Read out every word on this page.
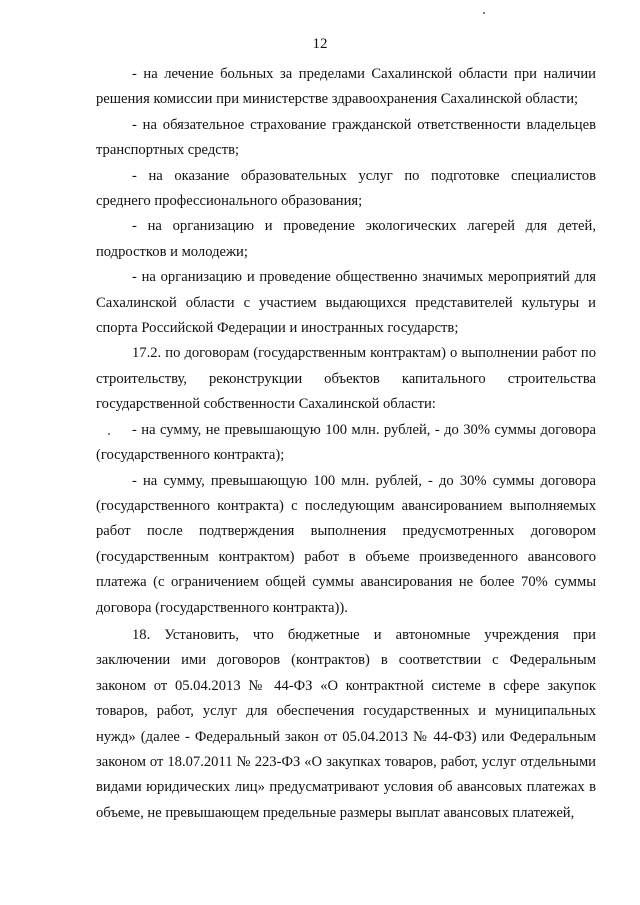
12

- на лечение больных за пределами Сахалинской области при наличии решения комиссии при министерстве здравоохранения Сахалинской области;

- на обязательное страхование гражданской ответственности владельцев транспортных средств;

- на оказание образовательных услуг по подготовке специалистов среднего профессионального образования;

- на организацию и проведение экологических лагерей для детей, подростков и молодежи;

- на организацию и проведение общественно значимых мероприятий для Сахалинской области с участием выдающихся представителей культуры и спорта Российской Федерации и иностранных государств;

17.2. по договорам (государственным контрактам) о выполнении работ по строительству, реконструкции объектов капитального строительства государственной собственности Сахалинской области:

- на сумму, не превышающую 100 млн. рублей, - до 30% суммы договора (государственного контракта);

- на сумму, превышающую 100 млн. рублей, - до 30% суммы договора (государственного контракта) с последующим авансированием выполняемых работ после подтверждения выполнения предусмотренных договором (государственным контрактом) работ в объеме произведенного авансового платежа (с ограничением общей суммы авансирования не более 70% суммы договора (государственного контракта)).

18. Установить, что бюджетные и автономные учреждения при заключении ими договоров (контрактов) в соответствии с Федеральным законом от 05.04.2013 № 44-ФЗ «О контрактной системе в сфере закупок товаров, работ, услуг для обеспечения государственных и муниципальных нужд» (далее - Федеральный закон от 05.04.2013 № 44-ФЗ) или Федеральным законом от 18.07.2011 № 223-ФЗ «О закупках товаров, работ, услуг отдельными видами юридических лиц» предусматривают условия об авансовых платежах в объеме, не превышающем предельные размеры выплат авансовых платежей,
